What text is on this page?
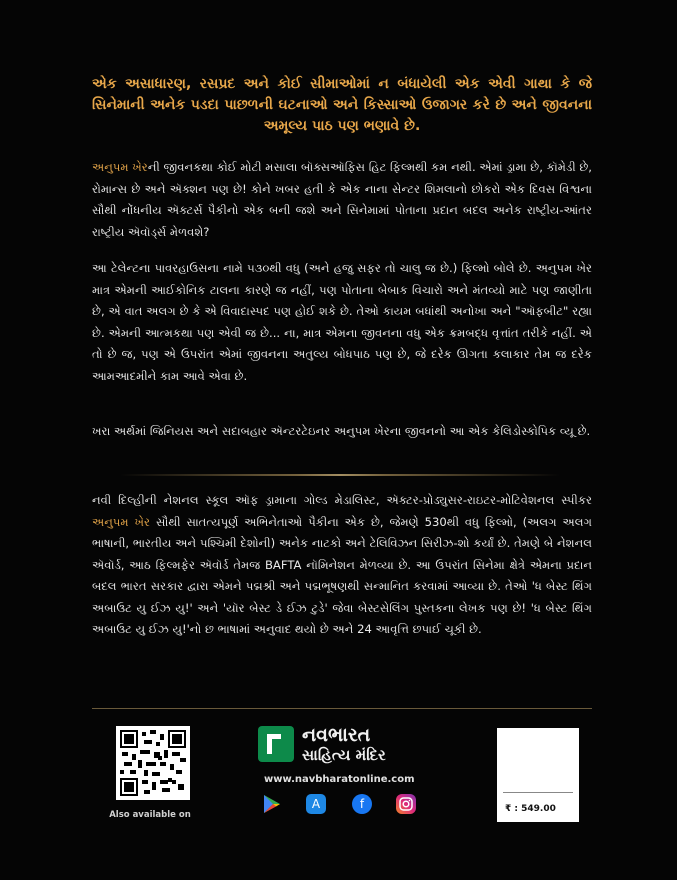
એક અસાધારણ, રસપ્રદ અને કોઈ સીમાઓમાં ન બંધાયેલી એક એવી ગાથા કે જે સિનેમાની અનેક પડદા પાછળની ઘટનાઓ અને કિસ્સાઓ ઉજાગર કરે છે અને જીવનના અમૂલ્ય પાઠ પણ ભણાવે છે.
અનુપમ ખેરની જીવનકથા કોઈ મોટી મસાલા બૉક્સઑફિસ હિટ ફિલ્મથી કમ નથી. એમાં ડ્રામા છે, કૉમેડી છે, રોમાન્સ છે અને ઍક્શન પણ છે! કોને ખબર હતી કે એક નાના સેન્ટર શિમલાનો છોકરો એક દિવસ વિશ્વના સૌથી નોંધનીય ઍક્ટર્સ પૈકીનો એક બની જશે અને સિનેમામાં પોતાના પ્રદાન બદલ અનેક રાષ્ટ્રીય-આંતર રાષ્ટ્રીય ઍવૉર્ડ્સ મેળવશે?
આ ટેલેન્ટના પાવરહાઉસના નામે ૫૩૦થી વધુ (અને હજુ સફર તો ચાલુ જ છે.) ફિલ્મો બોલે છે. અનુપમ ખેર માત્ર એમની આઈકોનિક ટાલના કારણે જ નહીં, પણ પોતાના બેબાક વિચારો અને મંતવ્યો માટે પણ જાણીતા છે, એ વાત અલગ છે કે એ વિવાદાસ્પદ પણ હોઈ શકે છે. તેઓ કાયમ બધાંથી અનોખા અને "ઑફબીટ" રહ્યા છે. એમની આત્મકથા પણ એવી જ છે... ના, માત્ર એમના જીવનના વધુ એક ક્રમબદ્ધ વૃત્તાંત તરીકે નહીં. એ તો છે જ, પણ એ ઉપરાંત એમાં જીવનના અતુલ્ય બોધપાઠ પણ છે, જે દરેક ઊગતા કલાકાર તેમ જ દરેક આમઆદમીને કામ આવે એવા છે.
ખરા અર્થમાં જિનિયસ અને સદાબહાર ઍન્ટરટેઇનર અનુપમ ખેરના જીવનનો આ એક કેલિડોસ્કોપિક વ્યૂ છે.
નવી દિલ્હીની નેશનલ સ્કૂલ ઑફ ડ્રામાના ગોલ્ડ મેડાલિસ્ટ, ઍક્ટર-પ્રોડ્યુસર-રાઇટર-મોટિવેશનલ સ્પીકર અનુપમ ખેર સૌથી સાતત્યપૂર્ણ અભિનેતાઓ પૈકીના એક છે, જેમણે 530થી વધુ ફિલ્મો, (અલગ અલગ ભાષાની, ભારતીય અને પશ્ચિમી દેશોની) અનેક નાટકો અને ટેલિવિઝન સિરીઝ-શો કર્યાં છે. તેમણે બે નેશનલ ઍવૉર્ડ, આઠ ફિલ્મફેર ઍવૉર્ડ તેમજ BAFTA નૉમિનેશન મેળવ્યા છે. આ ઉપરાંત સિનેમા ક્ષેત્રે એમના પ્રદાન બદલ ભારત સરકાર દ્વારા એમને પદ્મશ્રી અને પદ્મભૂષણથી સન્માનિત કરવામાં આવ્યા છે. તેઓ 'ધ બેસ્ટ થિંગ અબાઉટ યુ ઈઝ યુ!' અને 'યૉર બેસ્ટ ડે ઈઝ ટુડે' જેવા બેસ્ટસેલિંગ પુસ્તકના લેખક પણ છે! 'ધ બેસ્ટ થિંગ અબાઉટ યુ ઈઝ યુ!'નો છ ભાષામાં અનુવાદ થયો છે અને 24 આવૃત્તિ છપાઈ ચૂકી છે.
Also available on
નવભારત
સાહિત્ય મંદિર
www.navbharatonline.com
A	f	₹ : 549.00
